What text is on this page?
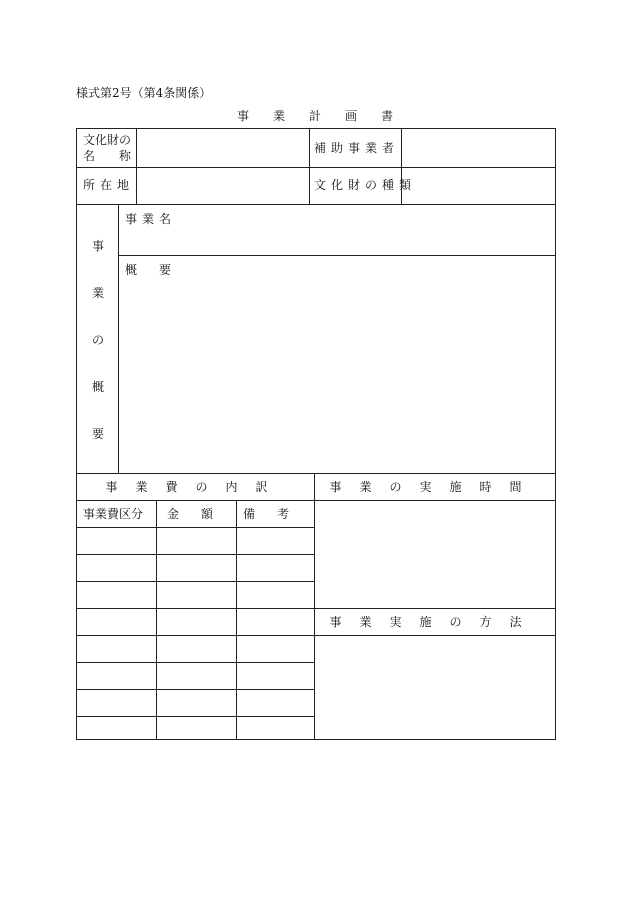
様式第2号（第4条関係）
事業計画書
文化財の
名　　称
補助事業者
所在地	文化財の種類
事
業
の
概
要
事業名
概　要
事業費の内訳	事業の実施時間
事業費区分 金　額 備　考
事業実施の方法
